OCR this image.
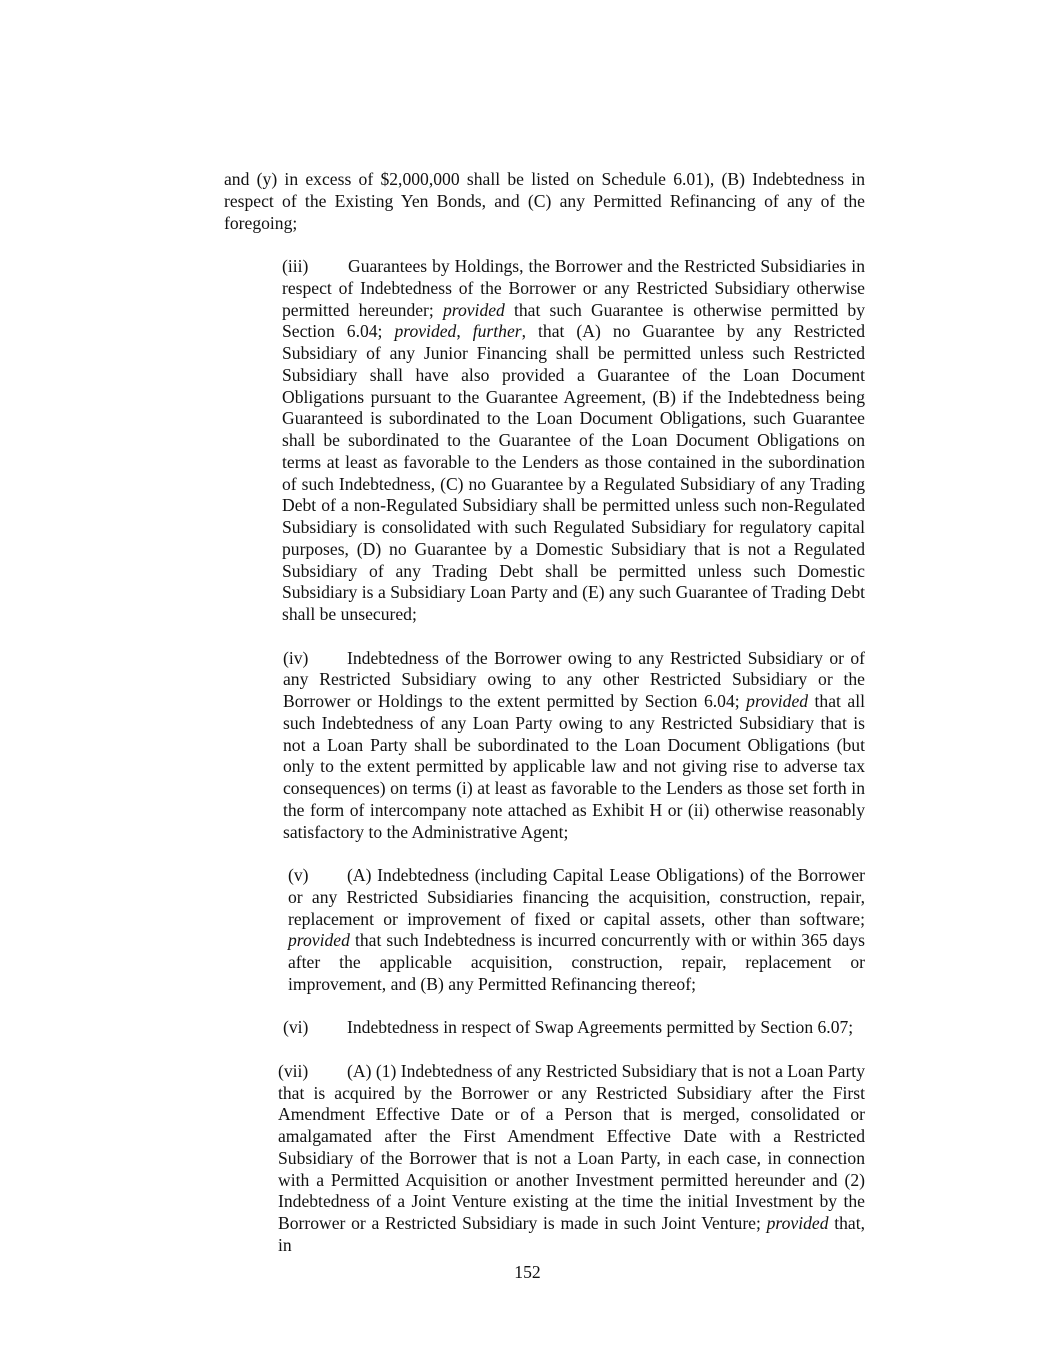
and (y) in excess of $2,000,000 shall be listed on Schedule 6.01), (B) Indebtedness in respect of the Existing Yen Bonds, and (C) any Permitted Refinancing of any of the foregoing;

(iii) Guarantees by Holdings, the Borrower and the Restricted Subsidiaries in respect of Indebtedness of the Borrower or any Restricted Subsidiary otherwise permitted hereunder; provided that such Guarantee is otherwise permitted by Section 6.04; provided, further, that (A) no Guarantee by any Restricted Subsidiary of any Junior Financing shall be permitted unless such Restricted Subsidiary shall have also provided a Guarantee of the Loan Document Obligations pursuant to the Guarantee Agreement, (B) if the Indebtedness being Guaranteed is subordinated to the Loan Document Obligations, such Guarantee shall be subordinated to the Guarantee of the Loan Document Obligations on terms at least as favorable to the Lenders as those contained in the subordination of such Indebtedness, (C) no Guarantee by a Regulated Subsidiary of any Trading Debt of a non-Regulated Subsidiary shall be permitted unless such non-Regulated Subsidiary is consolidated with such Regulated Subsidiary for regulatory capital purposes, (D) no Guarantee by a Domestic Subsidiary that is not a Regulated Subsidiary of any Trading Debt shall be permitted unless such Domestic Subsidiary is a Subsidiary Loan Party and (E) any such Guarantee of Trading Debt shall be unsecured;

(iv) Indebtedness of the Borrower owing to any Restricted Subsidiary or of any Restricted Subsidiary owing to any other Restricted Subsidiary or the Borrower or Holdings to the extent permitted by Section 6.04; provided that all such Indebtedness of any Loan Party owing to any Restricted Subsidiary that is not a Loan Party shall be subordinated to the Loan Document Obligations (but only to the extent permitted by applicable law and not giving rise to adverse tax consequences) on terms (i) at least as favorable to the Lenders as those set forth in the form of intercompany note attached as Exhibit H or (ii) otherwise reasonably satisfactory to the Administrative Agent;

(v) (A) Indebtedness (including Capital Lease Obligations) of the Borrower or any Restricted Subsidiaries financing the acquisition, construction, repair, replacement or improvement of fixed or capital assets, other than software; provided that such Indebtedness is incurred concurrently with or within 365 days after the applicable acquisition, construction, repair, replacement or improvement, and (B) any Permitted Refinancing thereof;

(vi) Indebtedness in respect of Swap Agreements permitted by Section 6.07;

(vii) (A) (1) Indebtedness of any Restricted Subsidiary that is not a Loan Party that is acquired by the Borrower or any Restricted Subsidiary after the First Amendment Effective Date or of a Person that is merged, consolidated or amalgamated after the First Amendment Effective Date with a Restricted Subsidiary of the Borrower that is not a Loan Party, in each case, in connection with a Permitted Acquisition or another Investment permitted hereunder and (2) Indebtedness of a Joint Venture existing at the time the initial Investment by the Borrower or a Restricted Subsidiary is made in such Joint Venture; provided that, in

152
